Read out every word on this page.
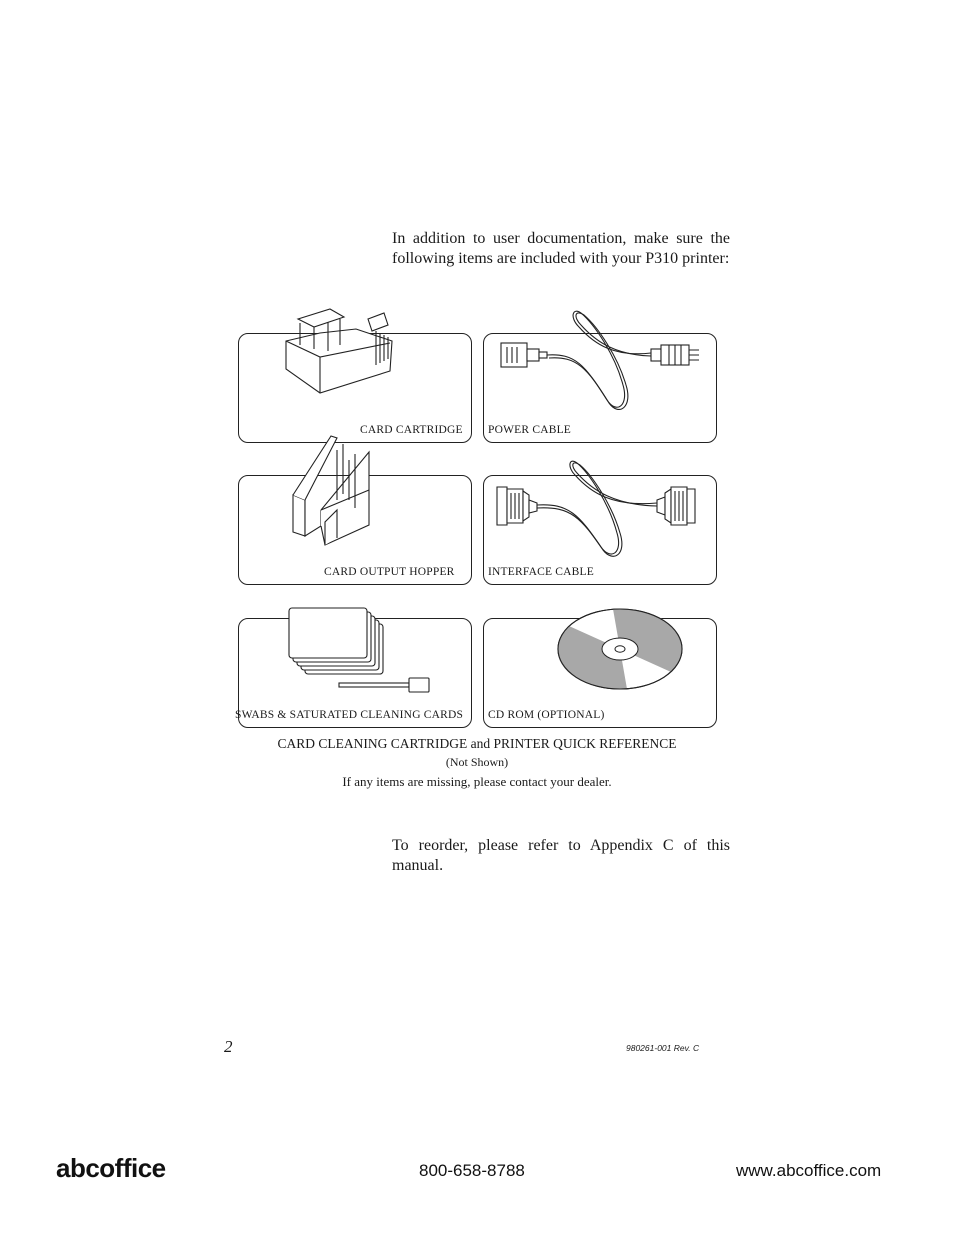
In addition to user documentation, make sure the following items are included with your P310 printer:
CARD CARTRIDGE POWER CABLE
CARD OUTPUT HOPPER	INTERFACE CABLE
SWABS & SATURATED CLEANING CARDS CD ROM (OPTIONAL)
CARD CLEANING CARTRIDGE and PRINTER QUICK REFERENCE
(Not Shown)
If any items are missing, please contact your dealer.
To reorder, please refer to Appendix C of this manual.
2	980261-001 Rev. C
abcoffice	800-658-8788	www.abcoffice.com
